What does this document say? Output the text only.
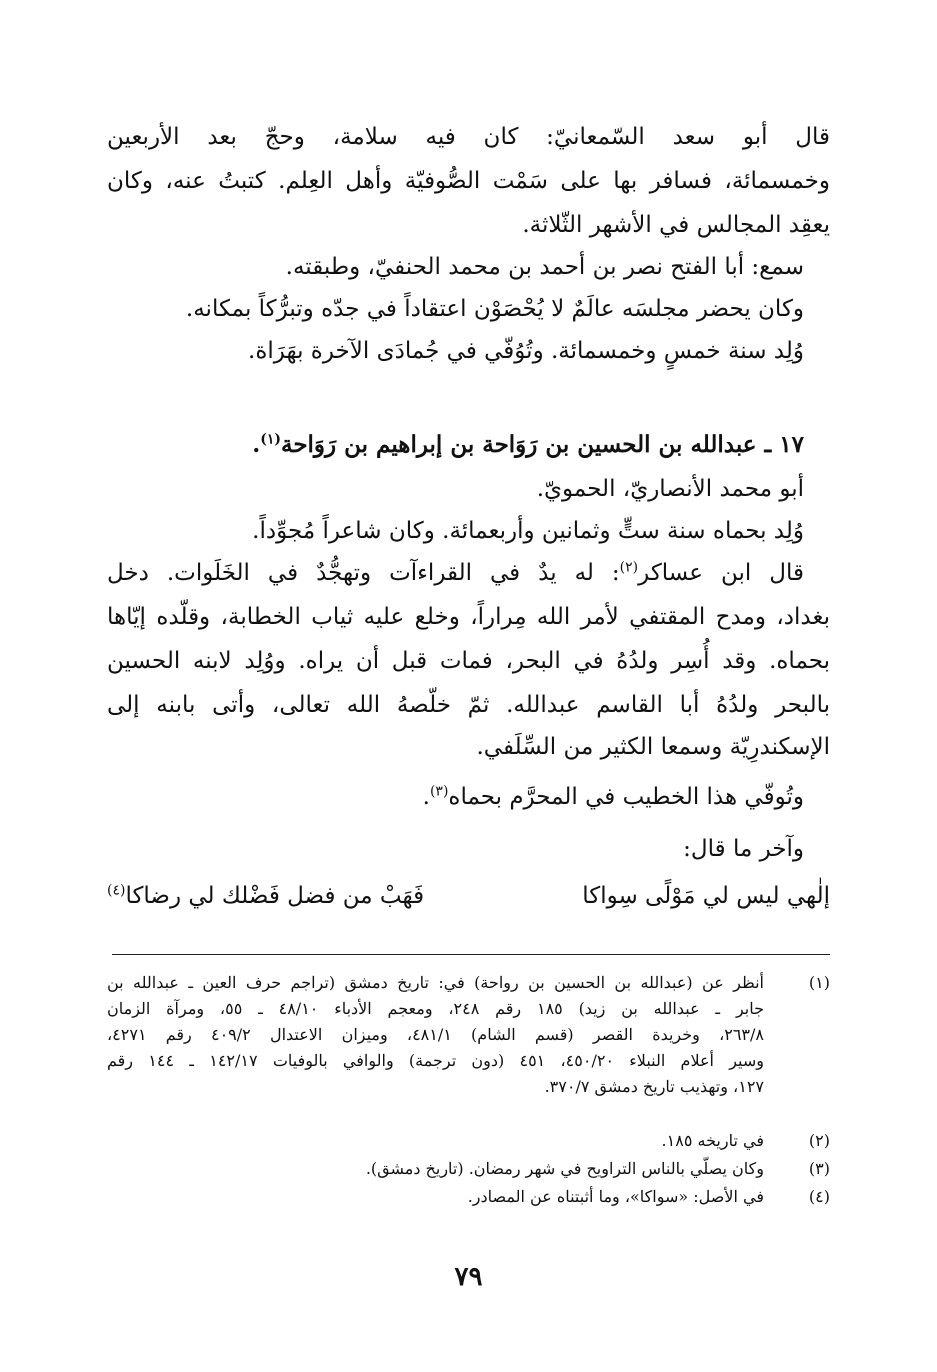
قال أبو سعد السّمعانيّ: كان فيه سلامة، وحجّ بعد الأربعين
وخمسمائة، فسافر بها على سَمْت الصُّوفيّة وأهل العِلم. كتبتُ عنه، وكان
يعقِد المجالس في الأشهر الثّلاثة.
سمع: أبا الفتح نصر بن أحمد بن محمد الحنفيّ، وطبقته.
وكان يحضر مجلسَه عالَمٌ لا يُحْصَوْن اعتقاداً في جدّه وتبرُّكاً بمكانه.
وُلِد سنة خمسٍ وخمسمائة. وتُوُفّي في جُمادَى الآخرة بهَرَاة.
١٧ ـ عبدالله بن الحسين بن رَوَاحة بن إبراهيم بن رَوَاحة$^{(١)}$.
أبو محمد الأنصاريّ، الحمويّ.
وُلِد بحماه سنة ستٍّ وثمانين وأربعمائة. وكان شاعراً مُجوِّداً.
قال ابن عساكر$^{(٢)}$: له يدٌ في القراءآت وتهجُّدٌ في الخَلَوات. دخل
بغداد، ومدح المقتفي لأمر الله مِراراً، وخلع عليه ثياب الخطابة، وقلّده إيّاها
بحماه. وقد أُسِر ولدُهُ في البحر، فمات قبل أن يراه. ووُلِد لابنه الحسين
بالبحر ولدُهُ أبا القاسم عبدالله. ثمّ خلّصهُ الله تعالى، وأتى بابنه إلى
الإسكندرِيّة وسمعا الكثير من السِّلَفي.
وتُوفّي هذا الخطيب في المحرَّم بحماه$^{(٣)}$.
وآخر ما قال:
إلٰهي ليس لي مَوْلًى سِواكا
فَهَبْ من فضل فَضْلك لي رضاكا$^{(٤)}$
(١)
أنظر عن (عبدالله بن الحسين بن رواحة) في: تاريخ دمشق (تراجم حرف العين ـ عبدالله بن
جابر ـ عبدالله بن زيد) ١٨٥ رقم ٢٤٨، ومعجم الأدباء ٤٨/١٠ ـ ٥٥، ومرآة الزمان
٢٦٣/٨، وخريدة القصر (قسم الشام) ٤٨١/١، وميزان الاعتدال ٤٠٩/٢ رقم ٤٢٧١،
وسير أعلام النبلاء ٤٥٠/٢٠، ٤٥١ (دون ترجمة) والوافي بالوفيات ١٤٢/١٧ ـ ١٤٤ رقم
١٢٧، وتهذيب تاريخ دمشق ٣٧٠/٧.
(٢)
في تاريخه ١٨٥.
(٣)
وكان يصلّي بالناس التراويح في شهر رمضان. (تاريخ دمشق).
(٤)
في الأصل: «سواكا»، وما أثبتناه عن المصادر.
٧٩
